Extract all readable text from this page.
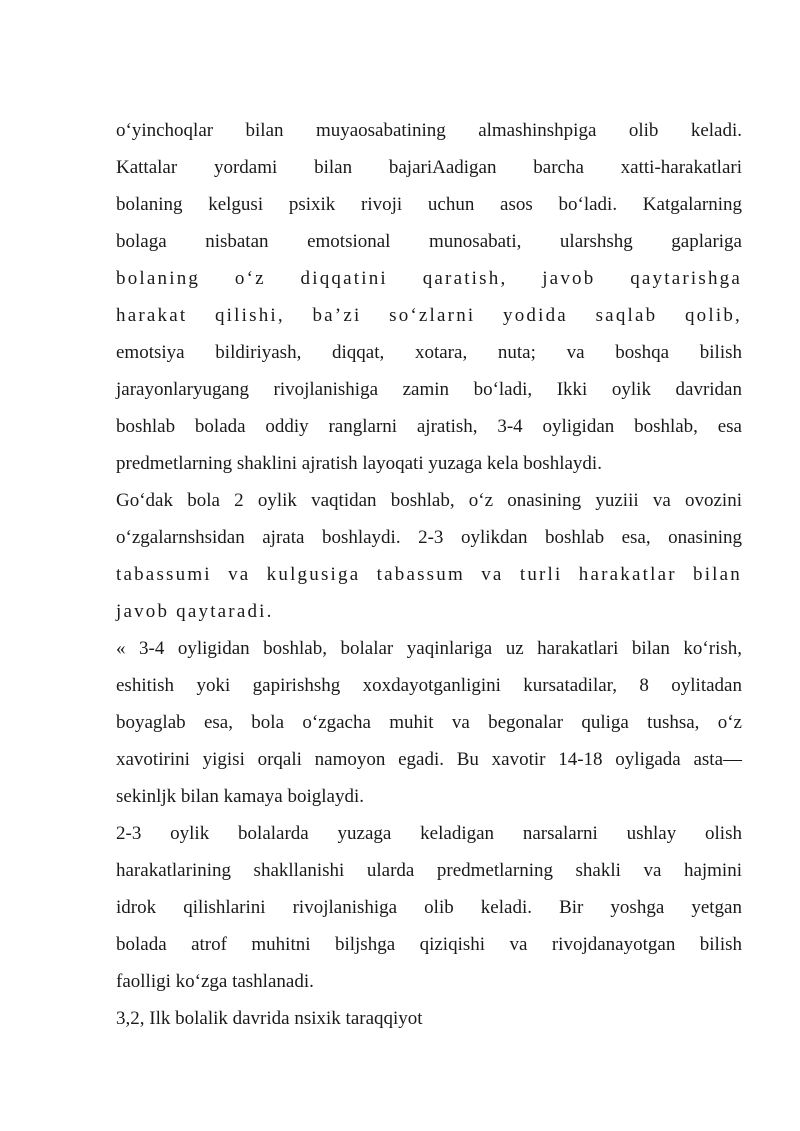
o‘yinchoqlar bilan muyaosabatining almashinshpiga olib keladi.
Kattalar yordami bilan bajariAadigan barcha xatti-harakatlari
bolaning kelgusi psixik rivoji uchun asos bo‘ladi. Katgalarning
bolaga nisbatan emotsional munosabati, ularshshg gaplariga
bolaning o‘z diqqatini qaratish, javob qaytarishga
harakat qilishi, ba’zi so‘zlarni yodida saqlab qolib,
emotsiya bildiriyash, diqqat, xotara, nuta; va boshqa bilish
jarayonlaryugang rivojlanishiga zamin bo‘ladi, Ikki oylik davridan
boshlab bolada oddiy ranglarni ajratish, 3-4 oyligidan boshlab, esa
predmetlarning shaklini ajratish layoqati yuzaga kela boshlaydi.
Go‘dak bola 2 oylik vaqtidan boshlab, o‘z onasining yuziii va ovozini
o‘zgalarnshsidan ajrata boshlaydi. 2-3 oylikdan boshlab esa, onasining
tabassumi va kulgusiga tabassum va turli harakatlar bilan
javob qaytaradi.
« 3-4 oyligidan boshlab, bolalar yaqinlariga uz harakatlari bilan ko‘rish,
eshitish yoki gapirishshg xoxdayotganligini kursatadilar, 8 oylitadan
boyaglab esa, bola o‘zgacha muhit va begonalar quliga tushsa, o‘z
xavotirini yigisi orqali namoyon egadi. Bu xavotir 14-18 oyligada asta—
sekinljk bilan kamaya boiglaydi.
2-3 oylik bolalarda yuzaga keladigan narsalarni ushlay olish
harakatlarining shakllanishi ularda predmetlarning shakli va hajmini
idrok qilishlarini rivojlanishiga olib keladi. Bir yoshga yetgan
bolada atrof muhitni biljshga qiziqishi va rivojdanayotgan bilish
faolligi ko‘zga tashlanadi.
3,2, Ilk bolalik davrida nsixik taraqqiyot
